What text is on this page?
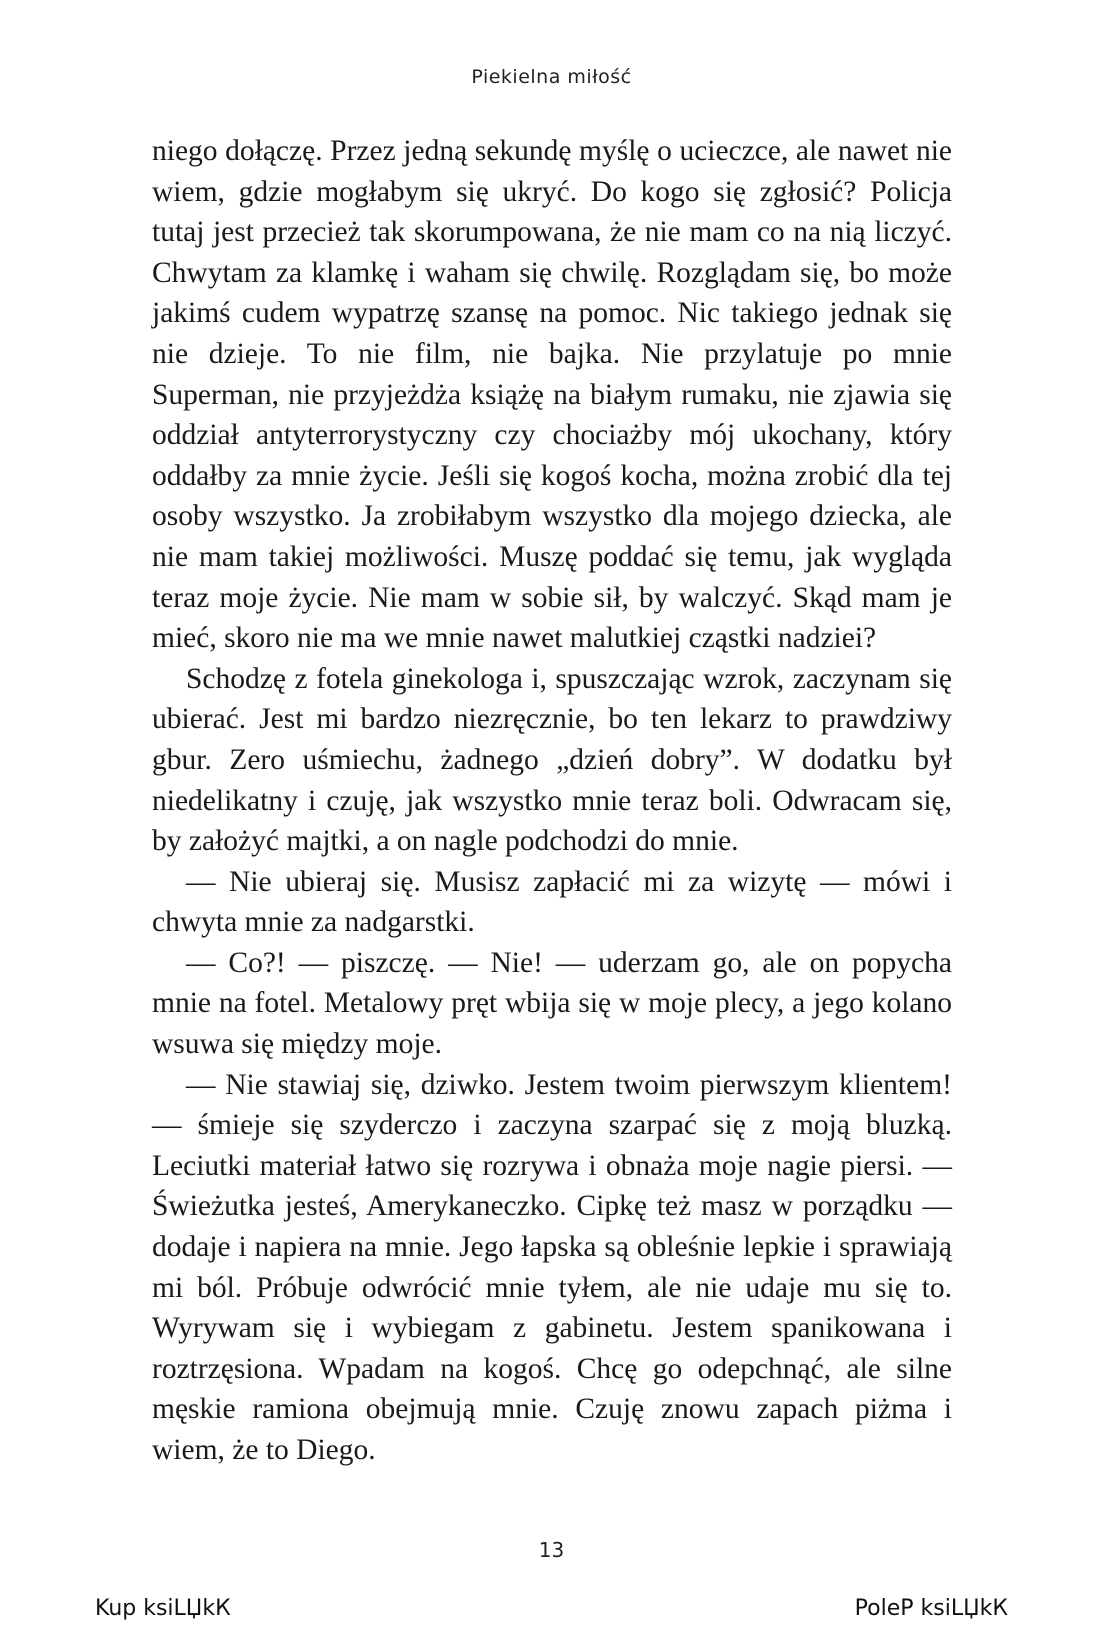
Piekielna miłość

niego dołączę. Przez jedną sekundę myślę o ucieczce, ale nawet nie wiem, gdzie mogłabym się ukryć. Do kogo się zgłosić? Policja tutaj jest przecież tak skorumpowana, że nie mam co na nią liczyć. Chwytam za klamkę i waham się chwilę. Rozglądam się, bo może jakimś cudem wypatrzę szansę na pomoc. Nic takiego jednak się nie dzieje. To nie film, nie bajka. Nie przylatuje po mnie Superman, nie przyjeżdża książę na białym rumaku, nie zjawia się oddział antyterrorystyczny czy chociażby mój ukochany, który oddałby za mnie życie. Jeśli się kogoś kocha, można zrobić dla tej osoby wszystko. Ja zrobiłabym wszystko dla mojego dziecka, ale nie mam takiej możliwości. Muszę poddać się temu, jak wygląda teraz moje życie. Nie mam w sobie sił, by walczyć. Skąd mam je mieć, skoro nie ma we mnie nawet malutkiej cząstki nadziei?

Schodzę z fotela ginekologa i, spuszczając wzrok, zaczynam się ubierać. Jest mi bardzo niezręcznie, bo ten lekarz to prawdziwy gbur. Zero uśmiechu, żadnego „dzień dobry”. W dodatku był niedelikatny i czuję, jak wszystko mnie teraz boli. Odwracam się, by założyć majtki, a on nagle podchodzi do mnie.

— Nie ubieraj się. Musisz zapłacić mi za wizytę — mówi i chwyta mnie za nadgarstki.

— Co?! — piszczę. — Nie! — uderzam go, ale on popycha mnie na fotel. Metalowy pręt wbija się w moje plecy, a jego kolano wsuwa się między moje.

— Nie stawiaj się, dziwko. Jestem twoim pierwszym klientem! — śmieje się szyderczo i zaczyna szarpać się z moją bluzką. Leciutki materiał łatwo się rozrywa i obnaża moje nagie piersi. — Świeżutka jesteś, Amerykaneczko. Cipkę też masz w porządku — dodaje i napiera na mnie. Jego łapska są obleśnie lepkie i sprawiają mi ból. Próbuje odwrócić mnie tyłem, ale nie udaje mu się to. Wyrywam się i wybiegam z gabinetu. Jestem spanikowana i roztrzęsiona. Wpadam na kogoś. Chcę go odepchnąć, ale silne męskie ramiona obejmują mnie. Czuję znowu zapach piżma i wiem, że to Diego.

13
Kup ksiLЏkК	PoleР ksiLЏkК
